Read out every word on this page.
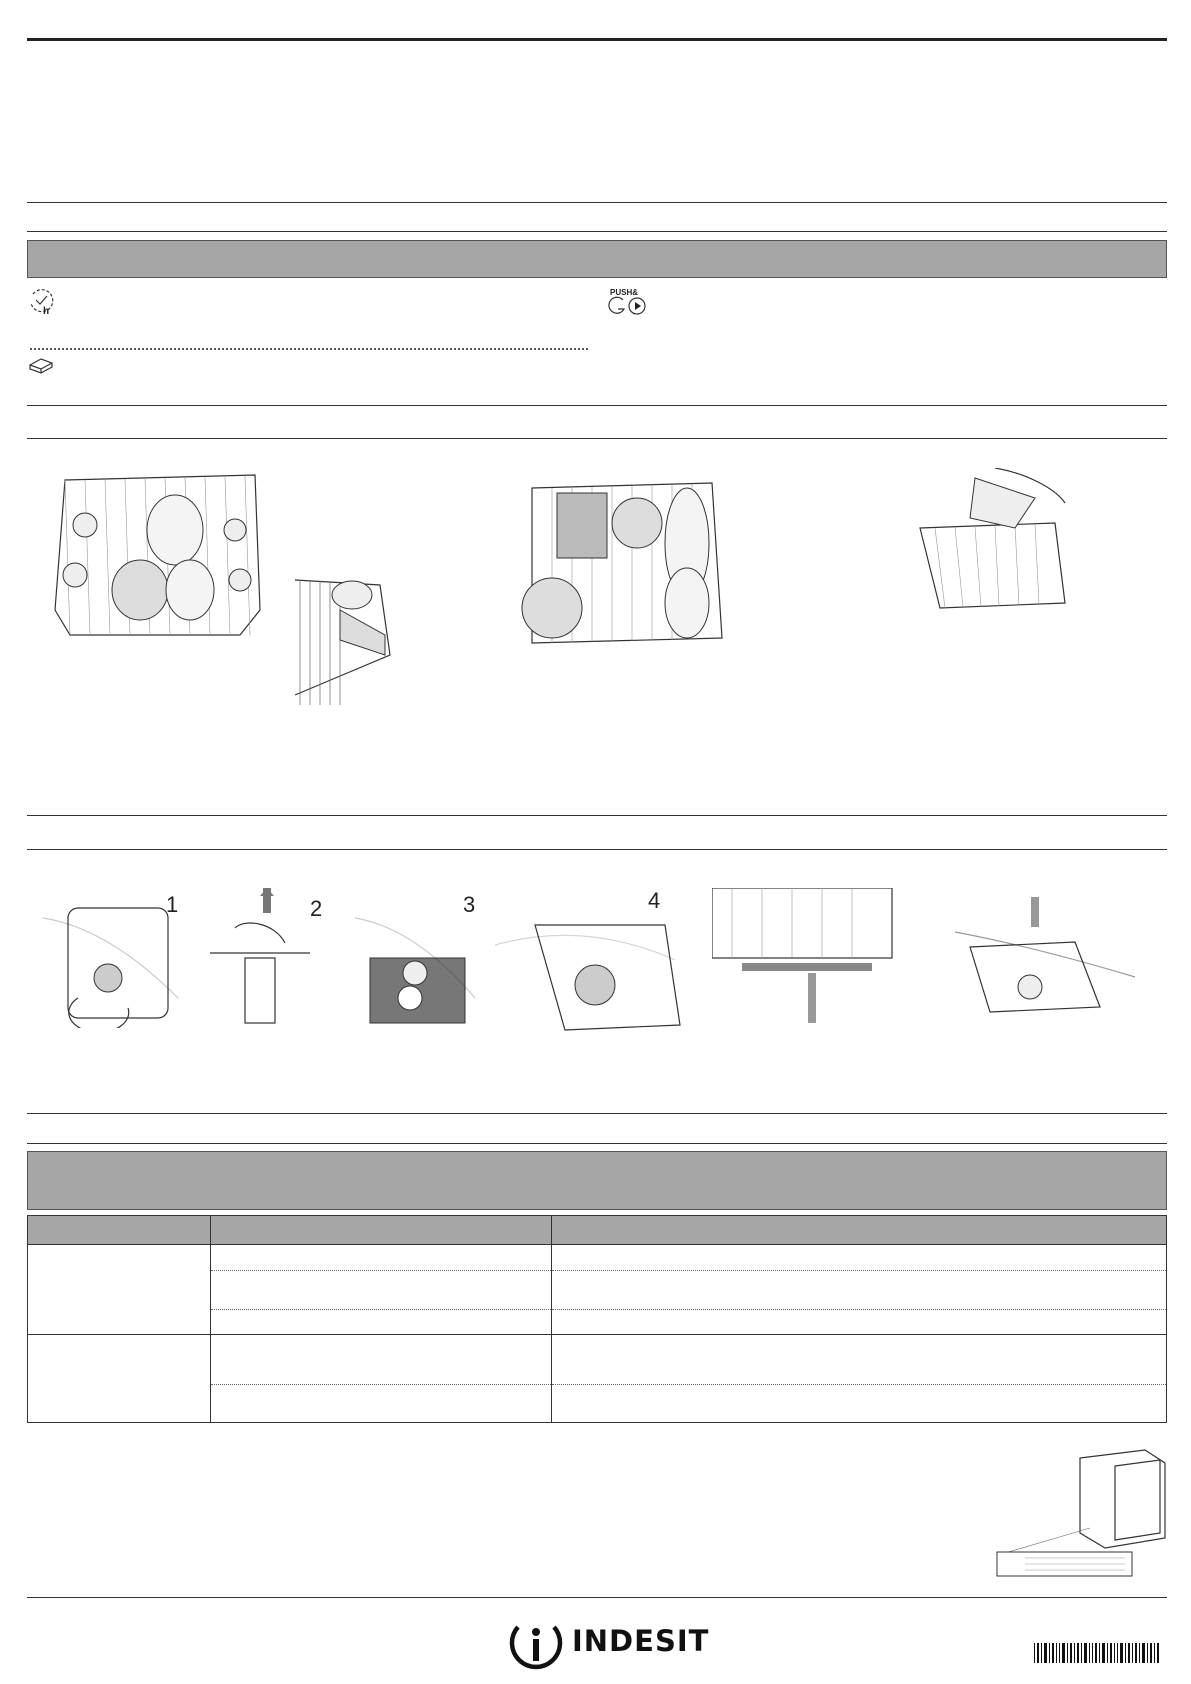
h
PUSH&
1	2	3	4

INDESIT
